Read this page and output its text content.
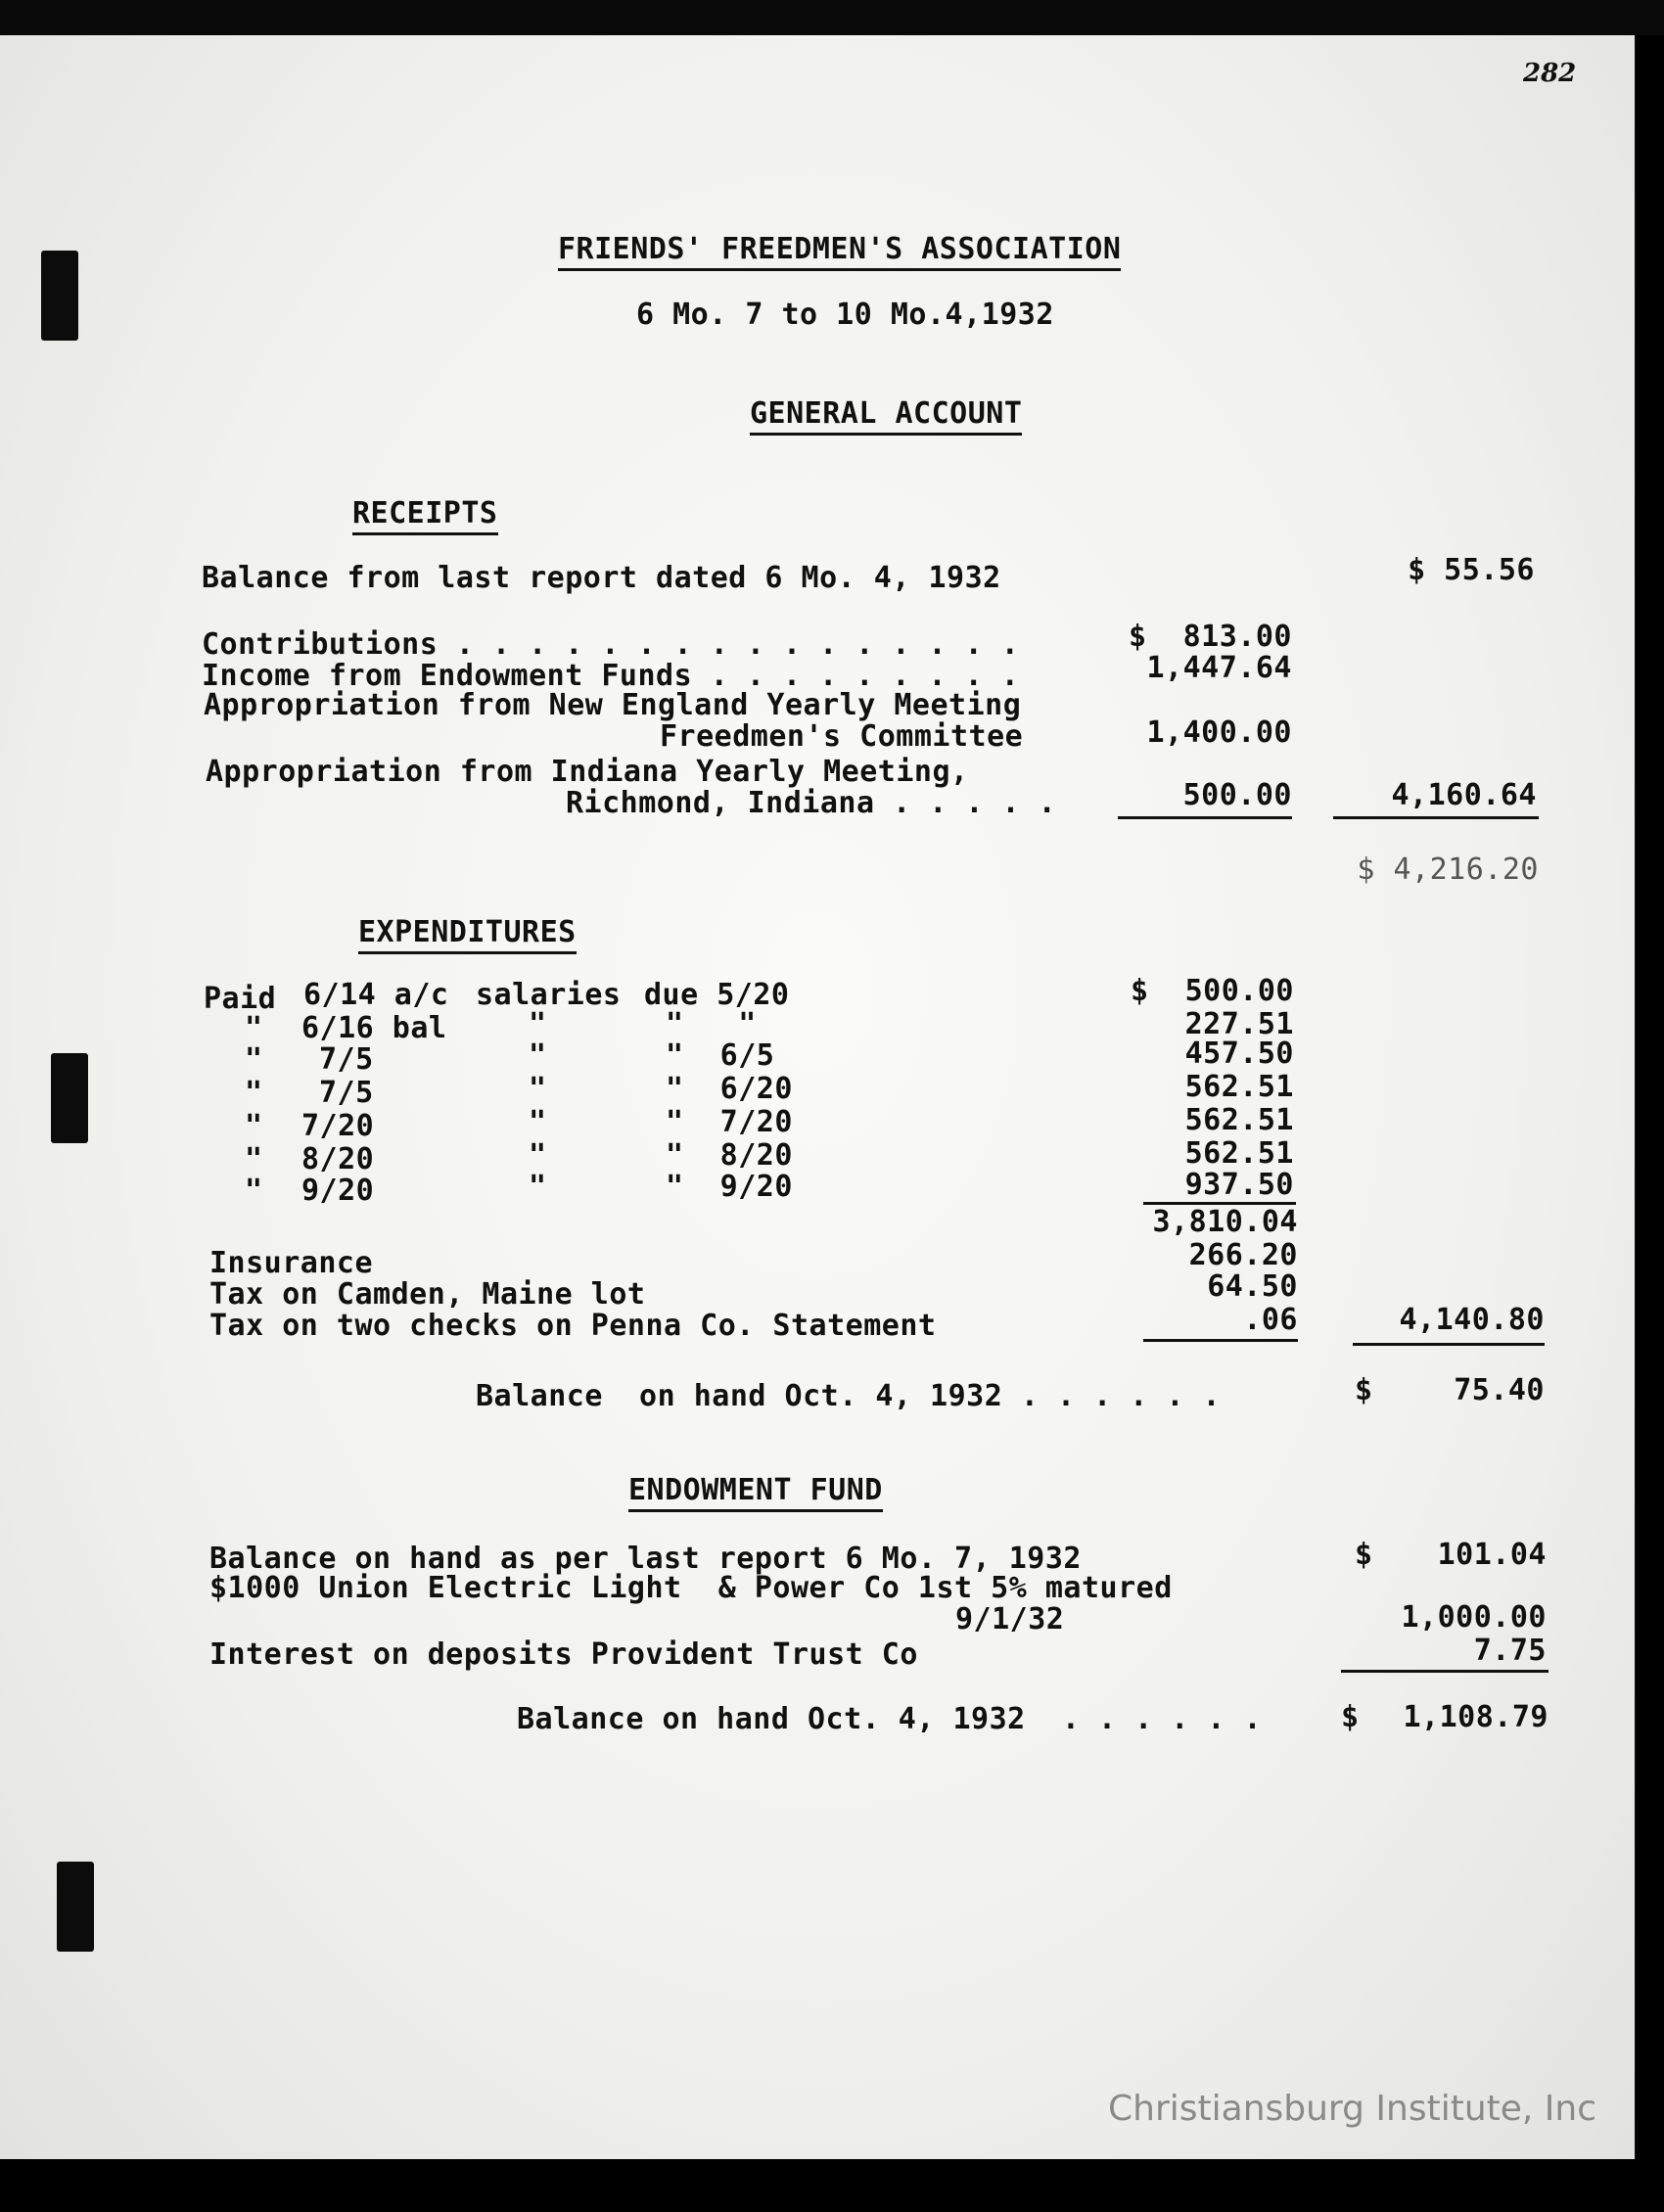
282
FRIENDS' FREEDMEN'S ASSOCIATION
6 Mo. 7 to 10 Mo.4,1932
GENERAL ACCOUNT
RECEIPTS
Balance from last report dated 6 Mo. 4, 1932	$ 55.56
Contributions . . . . . . . . . . . . . . . .	$  813.00
Income from Endowment Funds . . . . . . . . .	1,447.64
Appropriation from New England Yearly Meeting
Freedmen's Committee	1,400.00
Appropriation from Indiana Yearly Meeting,
Richmond, Indiana . . . . .	500.00	4,160.64
$ 4,216.20
EXPENDITURES
Paid 6/14 a/c salaries due 5/20	$  500.00
" 6/16 bal	"	"   "	227.51
" 7/5	"	"  6/5	457.50
" 7/5	"	"  6/20	562.51
" 7/20	"	"  7/20	562.51
" 8/20	"	"  8/20	562.51
" 9/20	"	"  9/20	937.50
3,810.04
Insurance	266.20
Tax on Camden, Maine lot	64.50
Tax on two checks on Penna Co. Statement	.06	4,140.80
Balance  on hand Oct. 4, 1932 . . . . . .	$	75.40
ENDOWMENT FUND
Balance on hand as per last report 6 Mo. 7, 1932	$	101.04
$1000 Union Electric Light  & Power Co 1st 5% matured
9/1/32	1,000.00
Interest on deposits Provident Trust Co	7.75
Balance on hand Oct. 4, 1932  . . . . . .	$	1,108.79
Christiansburg Institute, Inc
